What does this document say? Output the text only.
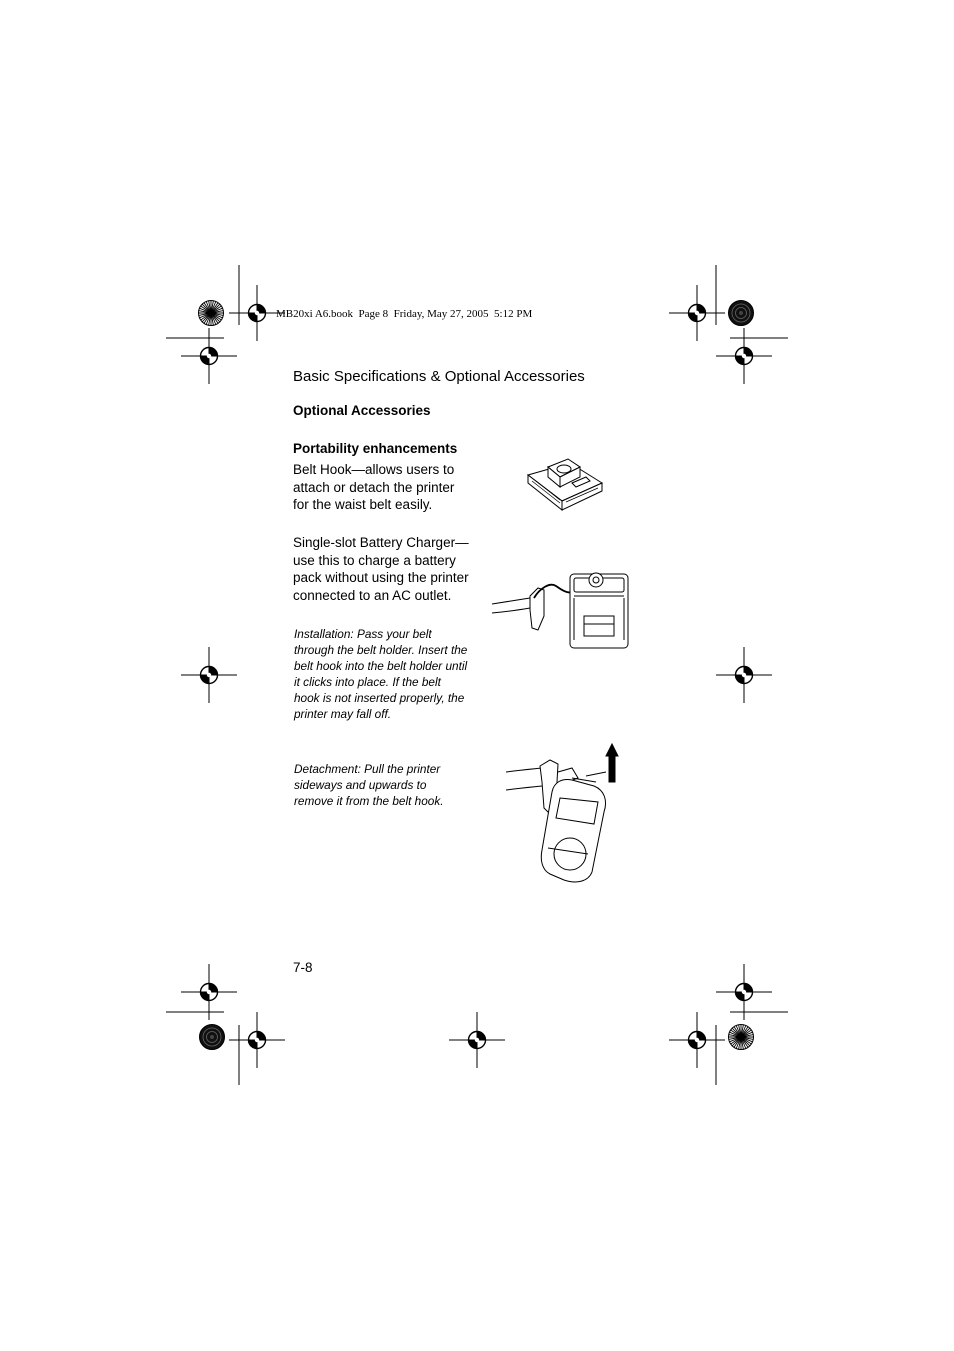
MB20xi A6.book  Page 8  Friday, May 27, 2005  5:12 PM
Basic Specifications & Optional Accessories
Optional Accessories
Portability enhancements
Belt Hook—allows users to
attach or detach the printer
for the waist belt easily.
Single-slot Battery Charger—
use this to charge a battery
pack without using the printer
connected to an AC outlet.
Installation: Pass your belt
through the belt holder. Insert the
belt hook into the belt holder until
it clicks into place. If the belt
hook is not inserted properly, the
printer may fall off.
Detachment: Pull the printer
sideways and upwards to
remove it from the belt hook.
7-8
